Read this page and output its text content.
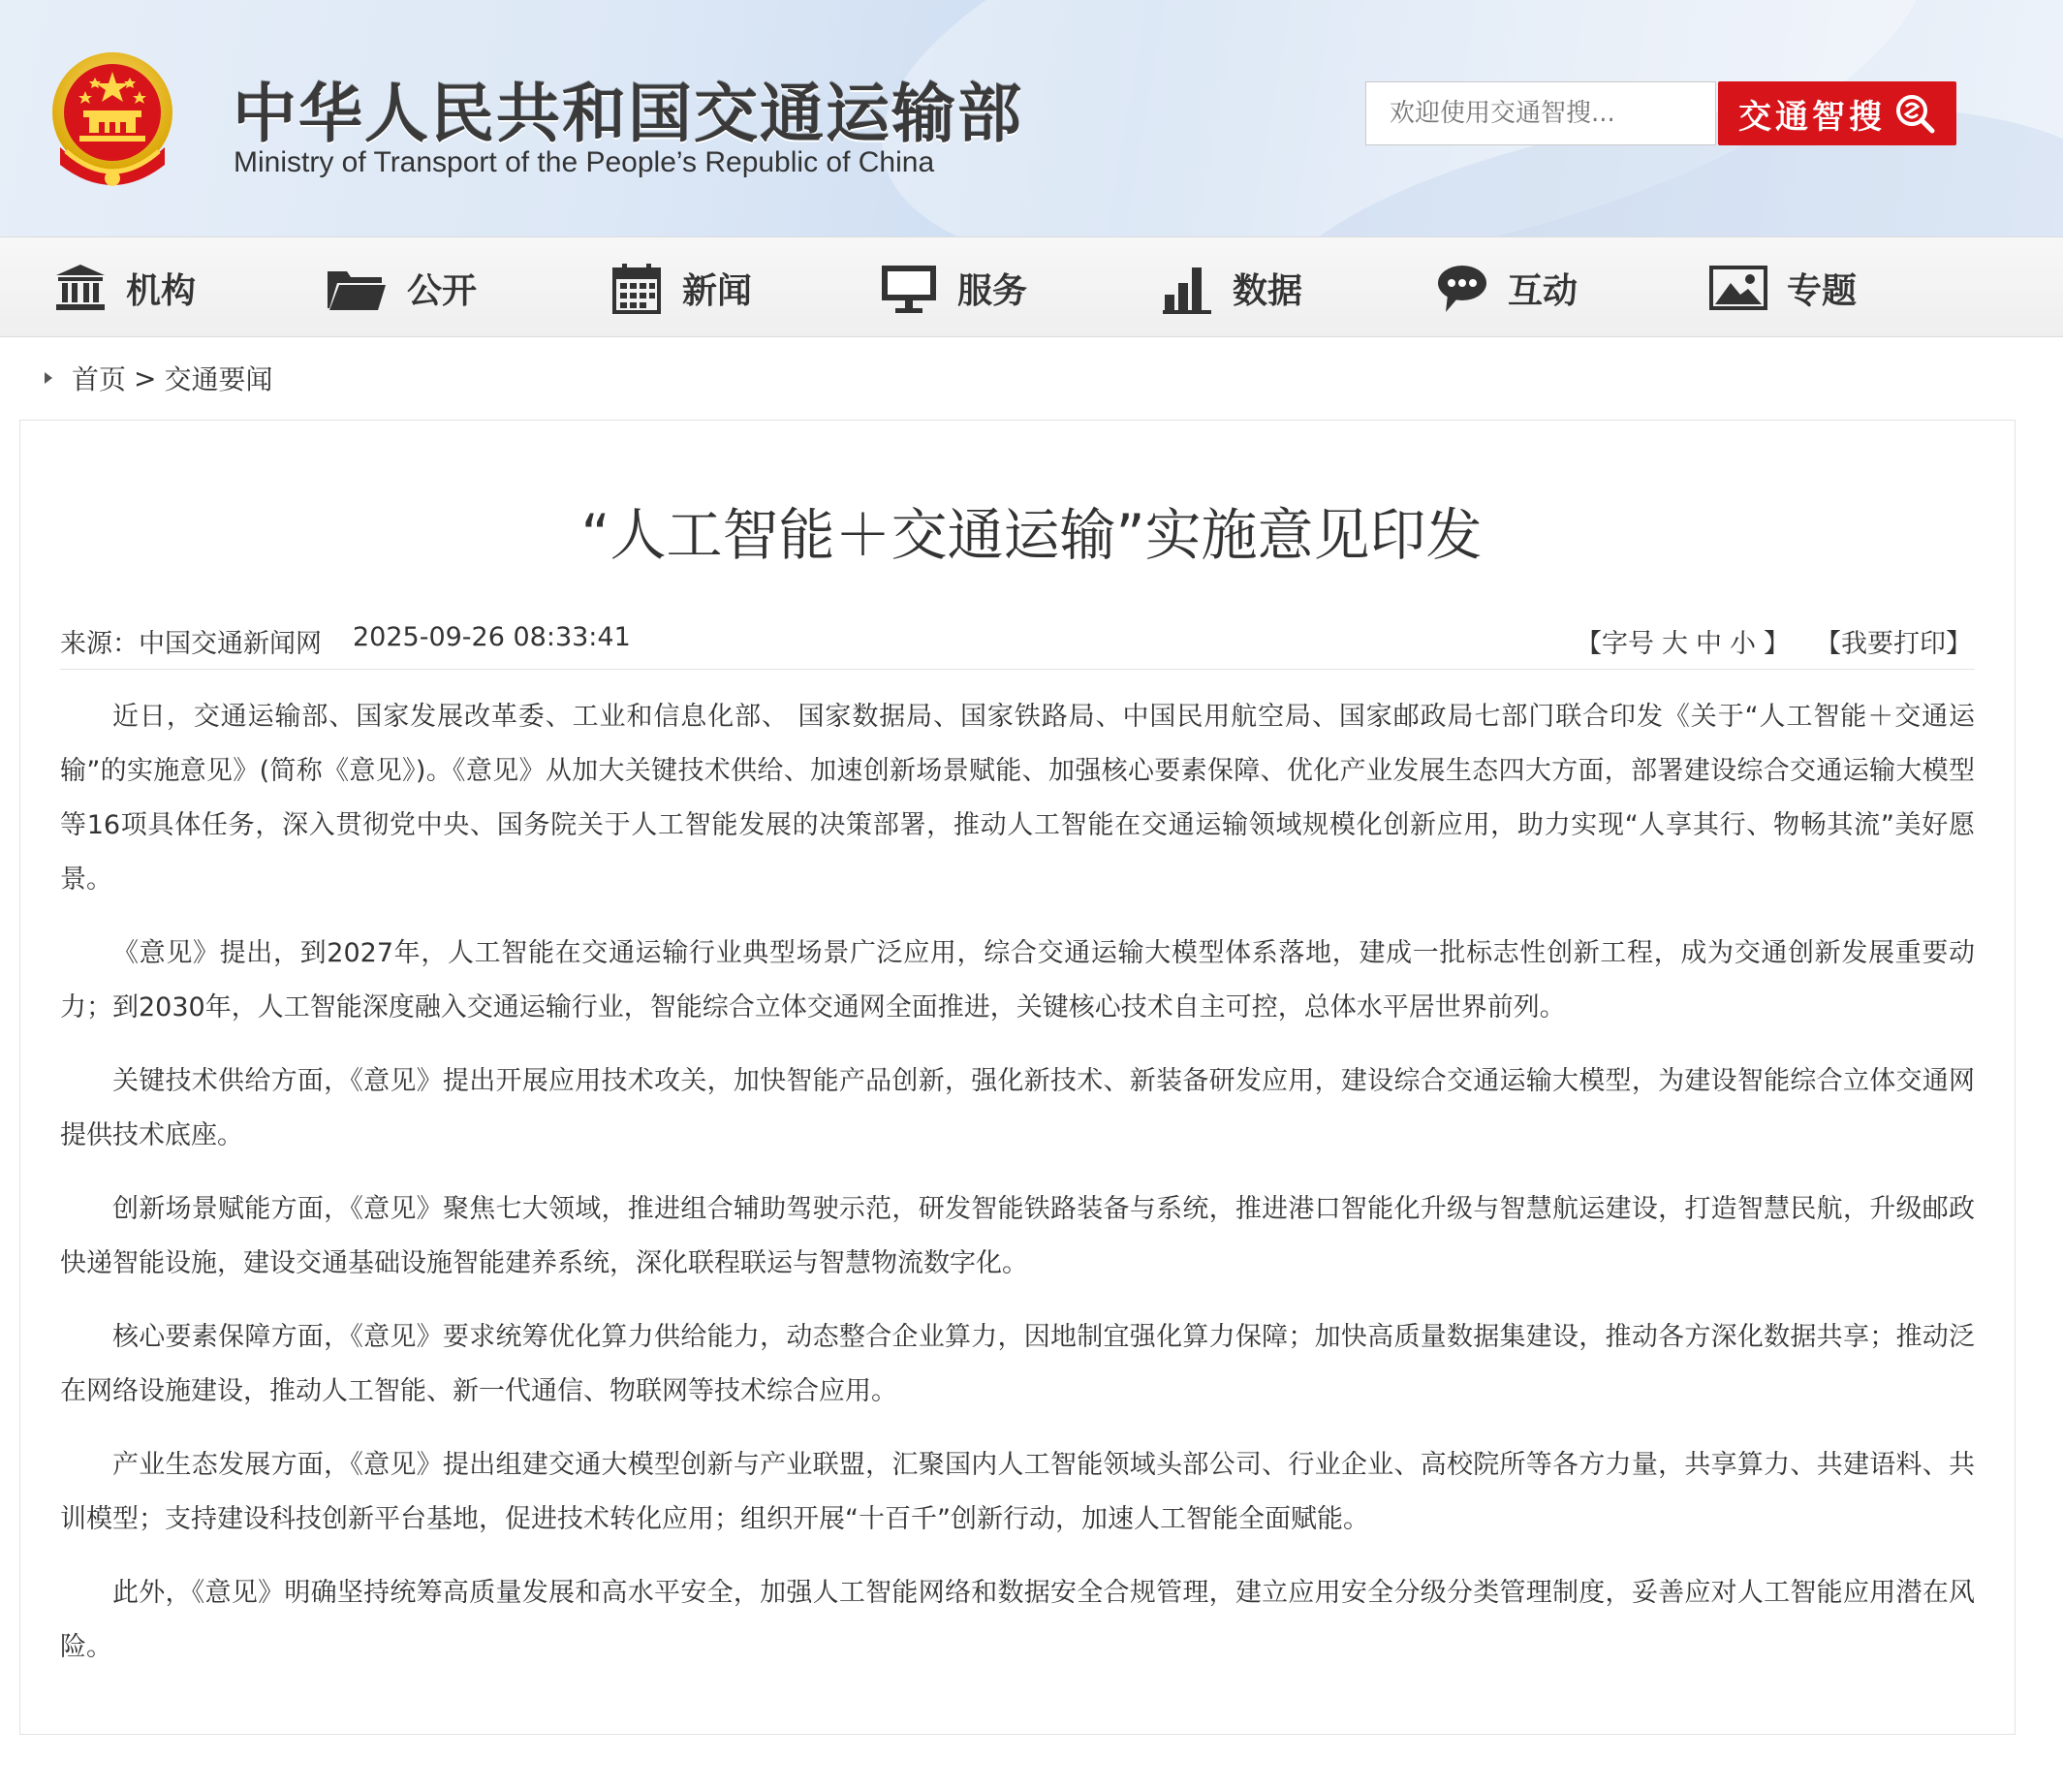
中华人民共和国交通运输部
Ministry of Transport of the People’s Republic of China
欢迎使用交通智搜...
交通智搜
机构	公开	新闻	服务	数据	互动	专题
首页 > 交通要闻
“人工智能＋交通运输”实施意见印发
来源：中国交通新闻网 2025-09-26 08:33:41	【字号 大 中 小 】 【我要打印】

近日，交通运输部、国家发展改革委、工业和信息化部、 国家数据局、国家铁路局、中国民用航空局、国家邮政局七部门联合印发《关于“人工智能＋交通运输”的实施意见》(简称《意见》)。《意见》从加大关键技术供给、加速创新场景赋能、加强核心要素保障、优化产业发展生态四大方面，部署建设综合交通运输大模型等16项具体任务，深入贯彻党中央、国务院关于人工智能发展的决策部署，推动人工智能在交通运输领域规模化创新应用，助力实现“人享其行、物畅其流”美好愿景。

《意见》提出，到2027年，人工智能在交通运输行业典型场景广泛应用，综合交通运输大模型体系落地，建成一批标志性创新工程，成为交通创新发展重要动力；到2030年，人工智能深度融入交通运输行业，智能综合立体交通网全面推进，关键核心技术自主可控，总体水平居世界前列。

关键技术供给方面，《意见》提出开展应用技术攻关，加快智能产品创新，强化新技术、新装备研发应用，建设综合交通运输大模型，为建设智能综合立体交通网提供技术底座。

创新场景赋能方面，《意见》聚焦七大领域，推进组合辅助驾驶示范，研发智能铁路装备与系统，推进港口智能化升级与智慧航运建设，打造智慧民航，升级邮政快递智能设施，建设交通基础设施智能建养系统，深化联程联运与智慧物流数字化。

核心要素保障方面，《意见》要求统筹优化算力供给能力，动态整合企业算力，因地制宜强化算力保障；加快高质量数据集建设，推动各方深化数据共享；推动泛在网络设施建设，推动人工智能、新一代通信、物联网等技术综合应用。

产业生态发展方面，《意见》提出组建交通大模型创新与产业联盟，汇聚国内人工智能领域头部公司、行业企业、高校院所等各方力量，共享算力、共建语料、共训模型；支持建设科技创新平台基地，促进技术转化应用；组织开展“十百千”创新行动，加速人工智能全面赋能。

此外，《意见》明确坚持统筹高质量发展和高水平安全，加强人工智能网络和数据安全合规管理，建立应用安全分级分类管理制度，妥善应对人工智能应用潜在风险。
